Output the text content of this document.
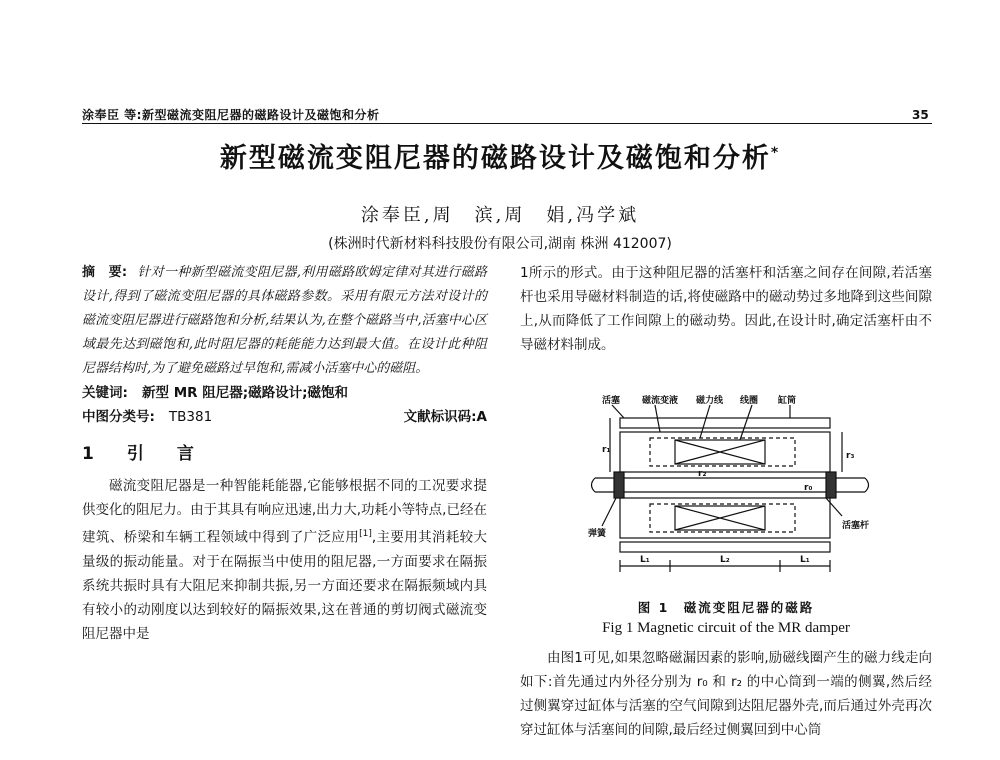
涂奉臣 等:新型磁流变阻尼器的磁路设计及磁饱和分析	35
新型磁流变阻尼器的磁路设计及磁饱和分析*
涂奉臣,周　滨,周　娟,冯学斌
(株洲时代新材料科技股份有限公司,湖南 株洲 412007)

摘　要: 针对一种新型磁流变阻尼器,利用磁路欧姆定律对其进行磁路设计,得到了磁流变阻尼器的具体磁路参数。采用有限元方法对设计的磁流变阻尼器进行磁路饱和分析,结果认为,在整个磁路当中,活塞中心区域最先达到磁饱和,此时阻尼器的耗能能力达到最大值。在设计此种阻尼器结构时,为了避免磁路过早饱和,需减小活塞中心的磁阻。

关键词: 新型 MR 阻尼器;磁路设计;磁饱和

中图分类号: TB381	文献标识码:A
1　引　言

磁流变阻尼器是一种智能耗能器,它能够根据不同的工况要求提供变化的阻尼力。由于其具有响应迅速,出力大,功耗小等特点,已经在建筑、桥梁和车辆工程领域中得到了广泛应用[1],主要用其消耗较大量级的振动能量。对于在隔振当中使用的阻尼器,一方面要求在隔振系统共振时具有大阻尼来抑制共振,另一方面还要求在隔振频域内具有较小的动刚度以达到较好的隔振效果,这在普通的剪切阀式磁流变阻尼器中是

1所示的形式。由于这种阻尼器的活塞杆和活塞之间存在间隙,若活塞杆也采用导磁材料制造的话,将使磁路中的磁动势过多地降到这些间隙上,从而降低了工作间隙上的磁动势。因此,在设计时,确定活塞杆由不导磁材料制成。

活塞 磁流变液 磁力线 线圈 缸筒
弹簧
活塞杆
r₁
r₂
r₃
r₀
L₁	L₂	L₁
图 1　磁流变阻尼器的磁路
Fig 1 Magnetic circuit of the MR damper

由图1可见,如果忽略磁漏因素的影响,励磁线圈产生的磁力线走向如下:首先通过内外径分别为 r₀ 和 r₂ 的中心筒到一端的侧翼,然后经过侧翼穿过缸体与活塞的空气间隙到达阻尼器外壳,而后通过外壳再次穿过缸体与活塞间的间隙,最后经过侧翼回到中心筒
